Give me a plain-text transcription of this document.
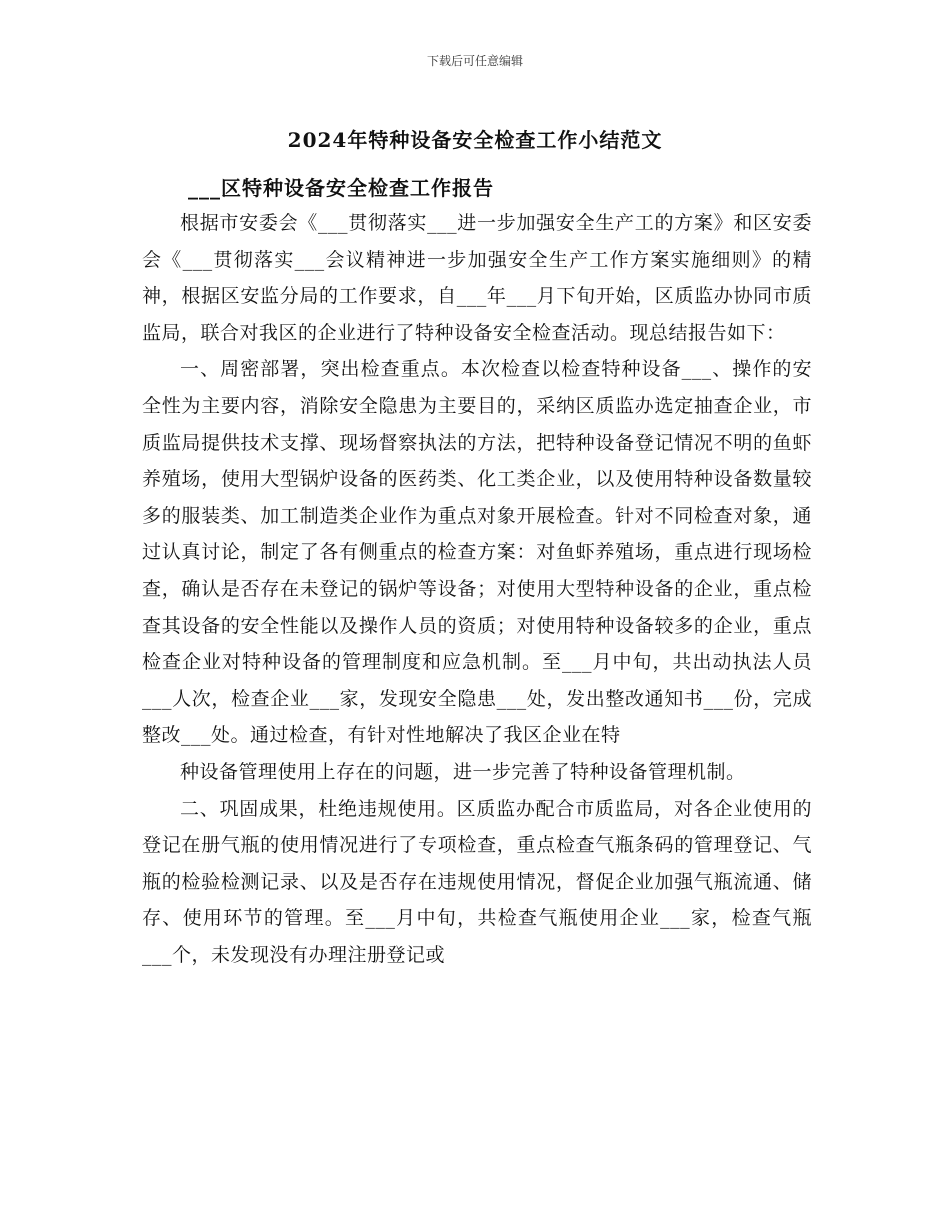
下载后可任意编辑
2024年特种设备安全检查工作小结范文
___区特种设备安全检查工作报告

根据市安委会《___贯彻落实___进一步加强安全生产工的方案》和区安委会《___贯彻落实___会议精神进一步加强安全生产工作方案实施细则》的精神，根据区安监分局的工作要求，自___年___月下旬开始，区质监办协同市质监局，联合对我区的企业进行了特种设备安全检查活动。现总结报告如下：

一、周密部署，突出检查重点。本次检查以检查特种设备___、操作的安全性为主要内容，消除安全隐患为主要目的，采纳区质监办选定抽查企业，市质监局提供技术支撑、现场督察执法的方法，把特种设备登记情况不明的鱼虾养殖场，使用大型锅炉设备的医药类、化工类企业，以及使用特种设备数量较多的服装类、加工制造类企业作为重点对象开展检查。针对不同检查对象，通过认真讨论，制定了各有侧重点的检查方案：对鱼虾养殖场，重点进行现场检查，确认是否存在未登记的锅炉等设备；对使用大型特种设备的企业，重点检查其设备的安全性能以及操作人员的资质；对使用特种设备较多的企业，重点检查企业对特种设备的管理制度和应急机制。至___月中旬，共出动执法人员___人次，检查企业___家，发现安全隐患___处，发出整改通知书___份，完成整改___处。通过检查，有针对性地解决了我区企业在特

种设备管理使用上存在的问题，进一步完善了特种设备管理机制。

二、巩固成果，杜绝违规使用。区质监办配合市质监局，对各企业使用的登记在册气瓶的使用情况进行了专项检查，重点检查气瓶条码的管理登记、气瓶的检验检测记录、以及是否存在违规使用情况，督促企业加强气瓶流通、储存、使用环节的管理。至___月中旬，共检查气瓶使用企业___家，检查气瓶___个，未发现没有办理注册登记或
